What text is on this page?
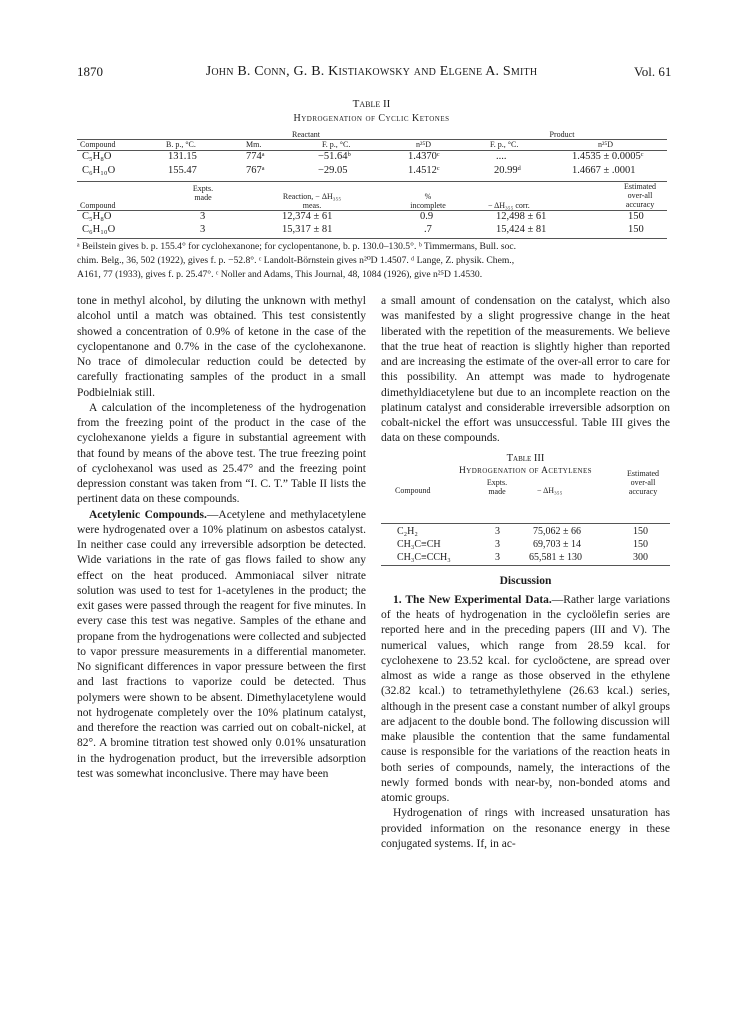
1870	John B. Conn, G. B. Kistiakowsky and Elgene A. Smith	Vol. 61
Table II
Hydrogenation of Cyclic Ketones
Reactant	Product
Compound	B. p., °C.	Mm.	F. p., °C.	n²⁵D	F. p., °C.	n²⁵D
C₅H₈O	131.15	774ᵃ	−51.64ᵇ	1.4370ᶜ	....	1.4535 ± 0.0005ᶜ
C₆H₁₀O	155.47	767ᵃ	−29.05	1.4512ᶜ	20.99ᵈ	1.4667 ± .0001
Compound
Expts.
made	Reaction, − ΔH₃₅₅
meas.
%
incomplete	− ΔH₃₅₅ corr.
Estimated
over-all
accuracy
C₅H₈O	3	12,374 ± 61	0.9	12,498 ± 61	150
C₆H₁₀O	3	15,317 ± 81	.7	15,424 ± 81	150
ᵃ Beilstein gives b. p. 155.4° for cyclohexanone; for cyclopentanone, b. p. 130.0–130.5°. ᵇ Timmermans, Bull. soc.
chim. Belg., 36, 502 (1922), gives f. p. −52.8°. ᶜ Landolt-Börnstein gives n²⁰D 1.4507. ᵈ Lange, Z. physik. Chem.,
A161, 77 (1933), gives f. p. 25.47°. ᶜ Noller and Adams, This Journal, 48, 1084 (1926), give n²⁵D 1.4530.

tone in methyl alcohol, by diluting the unknown with methyl alcohol until a match was obtained. This test consistently showed a concentration of 0.9% of ketone in the case of the cyclopentanone and 0.7% in the case of the cyclohexanone. No trace of dimolecular reduction could be detected by carefully fractionating samples of the product in a small Podbielniak still.

A calculation of the incompleteness of the hydrogenation from the freezing point of the product in the case of the cyclohexanone yields a figure in substantial agreement with that found by means of the above test. The true freezing point of cyclohexanol was used as 25.47° and the freezing point depression constant was taken from “I. C. T.” Table II lists the pertinent data on these compounds.

Acetylenic Compounds.—Acetylene and methylacetylene were hydrogenated over a 10% platinum on asbestos catalyst. In neither case could any irreversible adsorption be detected. Wide variations in the rate of gas flows failed to show any effect on the heat produced. Ammoniacal silver nitrate solution was used to test for 1-acetylenes in the product; the exit gases were passed through the reagent for five minutes. In every case this test was negative. Samples of the ethane and propane from the hydrogenations were collected and subjected to vapor pressure measurements in a differential manometer. No significant differences in vapor pressure between the first and last fractions to vaporize could be detected. Thus polymers were shown to be absent. Dimethylacetylene would not hydrogenate completely over the 10% platinum catalyst, and therefore the reaction was carried out on cobalt-nickel, at 82°. A bromine titration test showed only 0.01% unsaturation in the hydrogenation product, but the irreversible adsorption test was somewhat inconclusive. There may have been

a small amount of condensation on the catalyst, which also was manifested by a slight progressive change in the heat liberated with the repetition of the measurements. We believe that the true heat of reaction is slightly higher than reported and are increasing the estimate of the over-all error to care for this possibility. An attempt was made to hydrogenate dimethyldiacetylene but due to an incomplete reaction on the platinum catalyst and considerable irreversible adsorption on cobalt-nickel the effort was unsuccessful. Table III gives the data on these compounds.

Table III
Hydrogenation of Acetylenes
Compound
Expts.
made	− ΔH₃₅₅
Estimated
over-all
accuracy
C₂H₂	3	75,062 ± 66	150
CH₃C≡CH	3	69,703 ± 14	150
CH₃C≡CCH₃	3	65,581 ± 130	300
Discussion

1. The New Experimental Data.—Rather large variations of the heats of hydrogenation in the cycloölefin series are reported here and in the preceding papers (III and V). The numerical values, which range from 28.59 kcal. for cyclohexene to 23.52 kcal. for cycloöctene, are spread over almost as wide a range as those observed in the ethylene (32.82 kcal.) to tetramethylethylene (26.63 kcal.) series, although in the present case a constant number of alkyl groups are adjacent to the double bond. The following discussion will make plausible the contention that the same fundamental cause is responsible for the variations of the reaction heats in both series of compounds, namely, the interactions of the newly formed bonds with near-by, non-bonded atoms and atomic groups.

Hydrogenation of rings with increased unsaturation has provided information on the resonance energy in these conjugated systems. If, in ac-
